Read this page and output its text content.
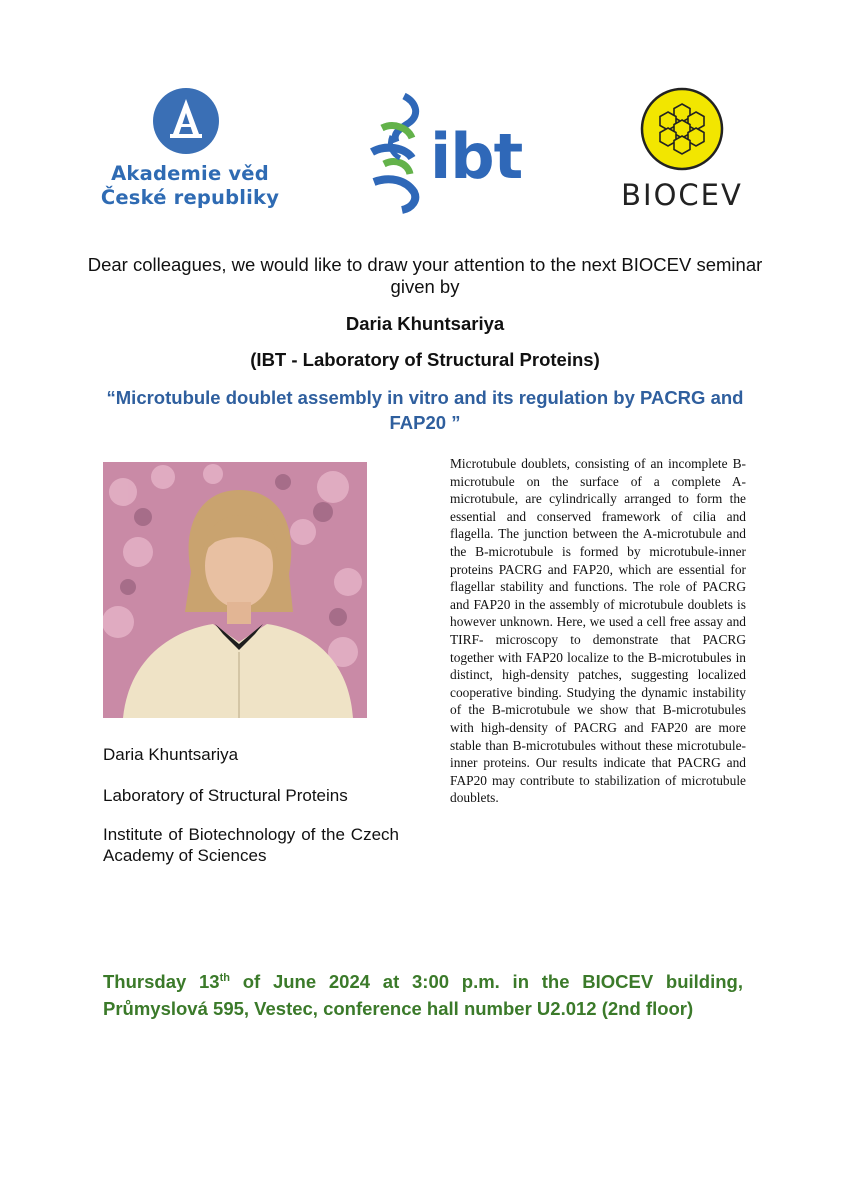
Akademie věd
České republiky
ibt
BIOCEV
Dear colleagues, we would like to draw your attention to the next BIOCEV seminar given by
Daria Khuntsariya
(IBT - Laboratory of Structural Proteins)
“Microtubule doublet assembly in vitro and its regulation by PACRG and FAP20 ”
Daria Khuntsariya
Laboratory of Structural Proteins
Institute of Biotechnology of the Czech Academy of Sciences
Microtubule doublets, consisting of an incomplete B-microtubule on the surface of a complete A-microtubule, are cylindrically arranged to form the essential and conserved framework of cilia and flagella. The junction between the A-microtubule and the B-microtubule is formed by microtubule-inner proteins PACRG and FAP20, which are essential for flagellar stability and functions. The role of PACRG and FAP20 in the assembly of microtubule doublets is however unknown. Here, we used a cell free assay and TIRF- microscopy to demonstrate that PACRG together with FAP20 localize to the B-microtubules in distinct, high-density patches, suggesting localized cooperative binding. Studying the dynamic instability of the B-microtubule we show that B-microtubules with high-density of PACRG and FAP20 are more stable than B-microtubules without these microtubule-inner proteins. Our results indicate that PACRG and FAP20 may contribute to stabilization of microtubule doublets.
Thursday 13th of June 2024 at 3:00 p.m. in the BIOCEV building,
Průmyslová 595, Vestec, conference hall number U2.012 (2nd floor)
